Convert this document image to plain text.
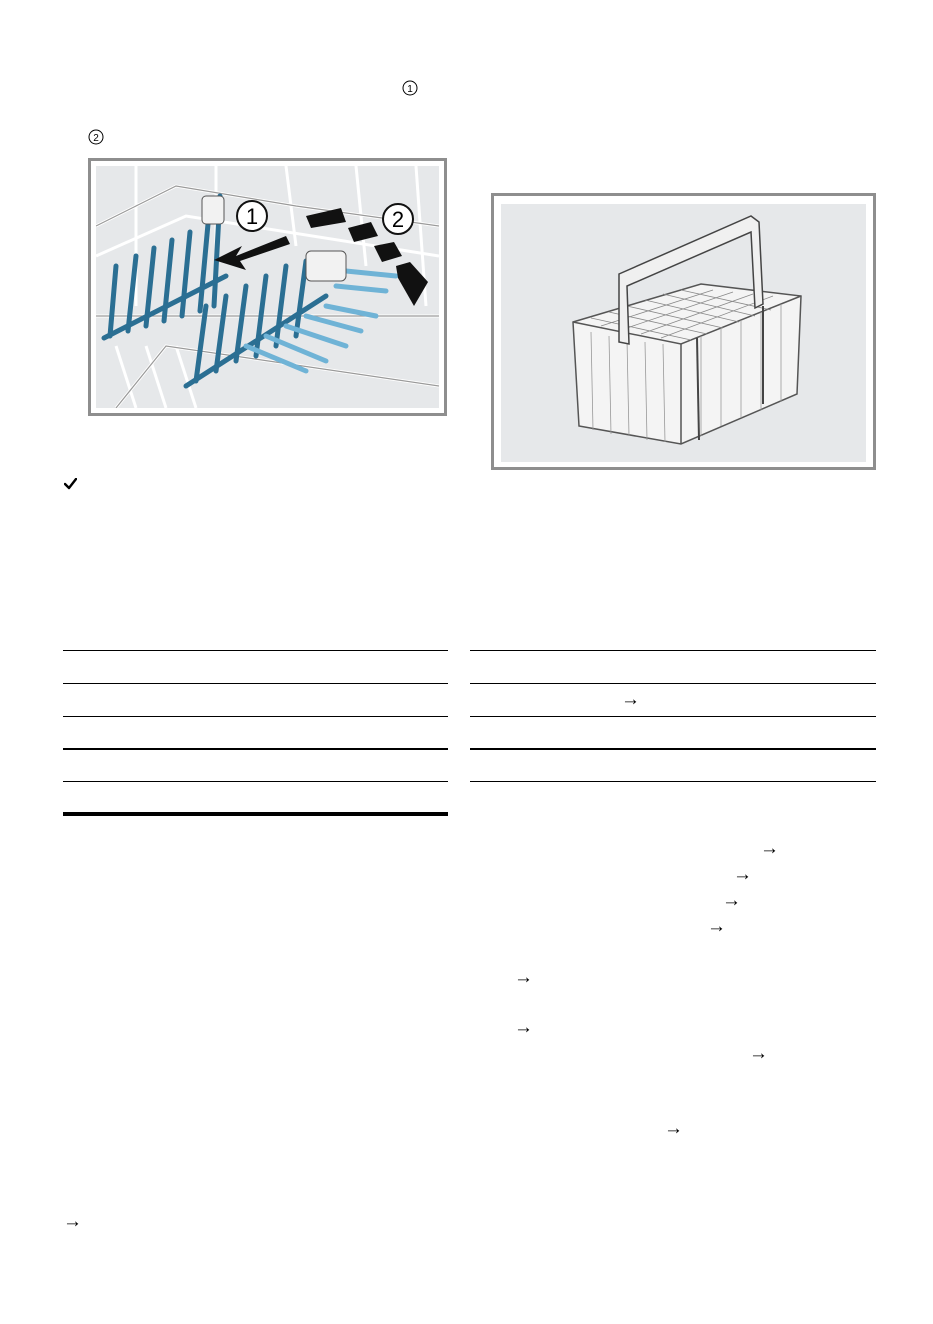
1
2
1	2
→
→
→
→
→
→
→
→
→
→
